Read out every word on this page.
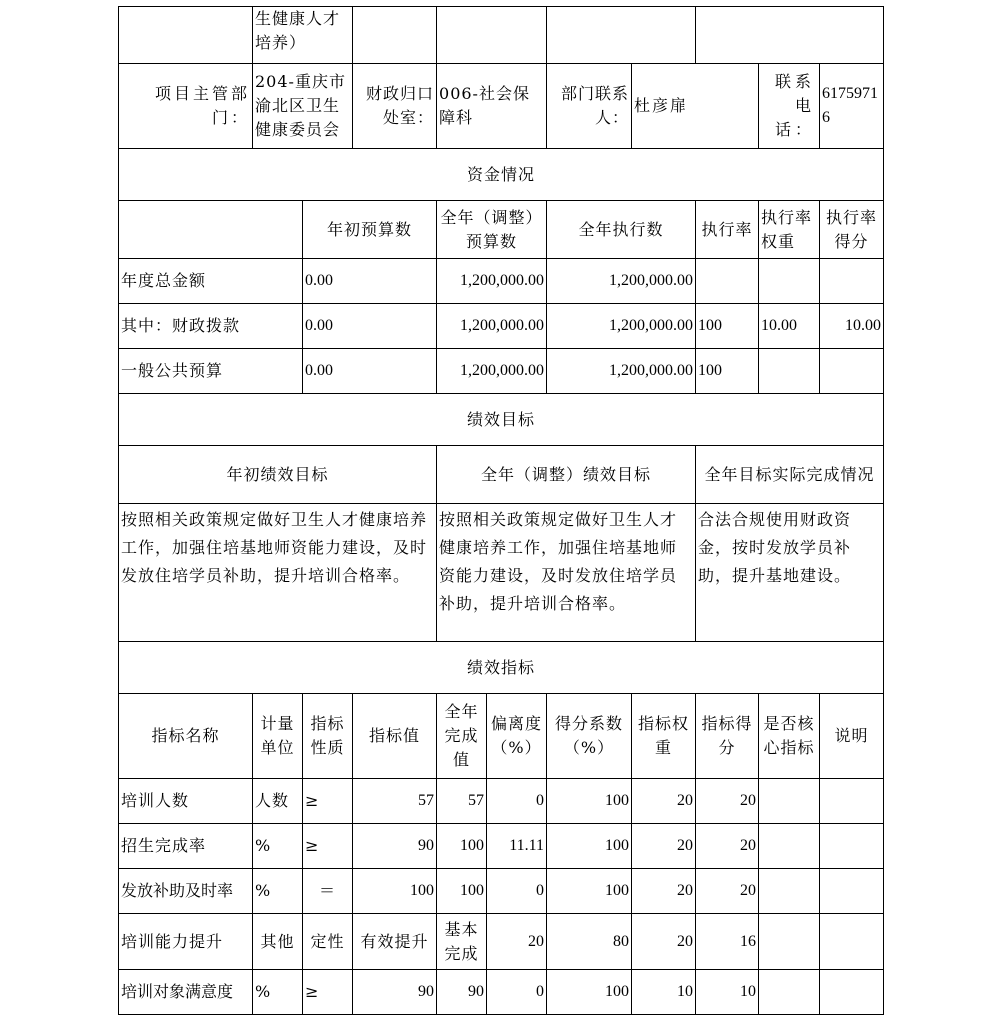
	生健康人才培养）									
项目主管部门：	204-重庆市渝北区卫生健康委员会		财政归口处室：	006-社会保障科		部门联系人：	杜彦扉		联系电话：	61759716
资金情况										
		年初预算数		全年（调整）预算数		全年执行数		执行率	执行率权重	执行率得分
年度总金额		0.00		1,200,000.00		1,200,000.00				
其中：财政拨款		0.00		1,200,000.00		1,200,000.00		100	10.00	10.00
一般公共预算		0.00		1,200,000.00		1,200,000.00		100		
绩效目标										
年初绩效目标				全年（调整）绩效目标				全年目标实际完成情况		
按照相关政策规定做好卫生人才健康培养工作，加强住培基地师资能力建设，及时发放住培学员补助，提升培训合格率。				按照相关政策规定做好卫生人才健康培养工作，加强住培基地师资能力建设，及时发放住培学员补助，提升培训合格率。				合法合规使用财政资金，按时发放学员补助，提升基地建设。		
绩效指标										
指标名称	计量单位	指标性质	指标值	全年完成值	偏离度（%）	得分系数（%）	指标权重	指标得分	是否核心指标	说明
培训人数	人数	≥	57	57	0	100	20	20		
招生完成率	%	≥	90	100	11.11	100	20	20		
发放补助及时率	%	＝	100	100	0	100	20	20		
培训能力提升	其他	定性	有效提升	基本完成	20	80	20	16		
培训对象满意度	%	≥	90	90	0	100	10	10		
